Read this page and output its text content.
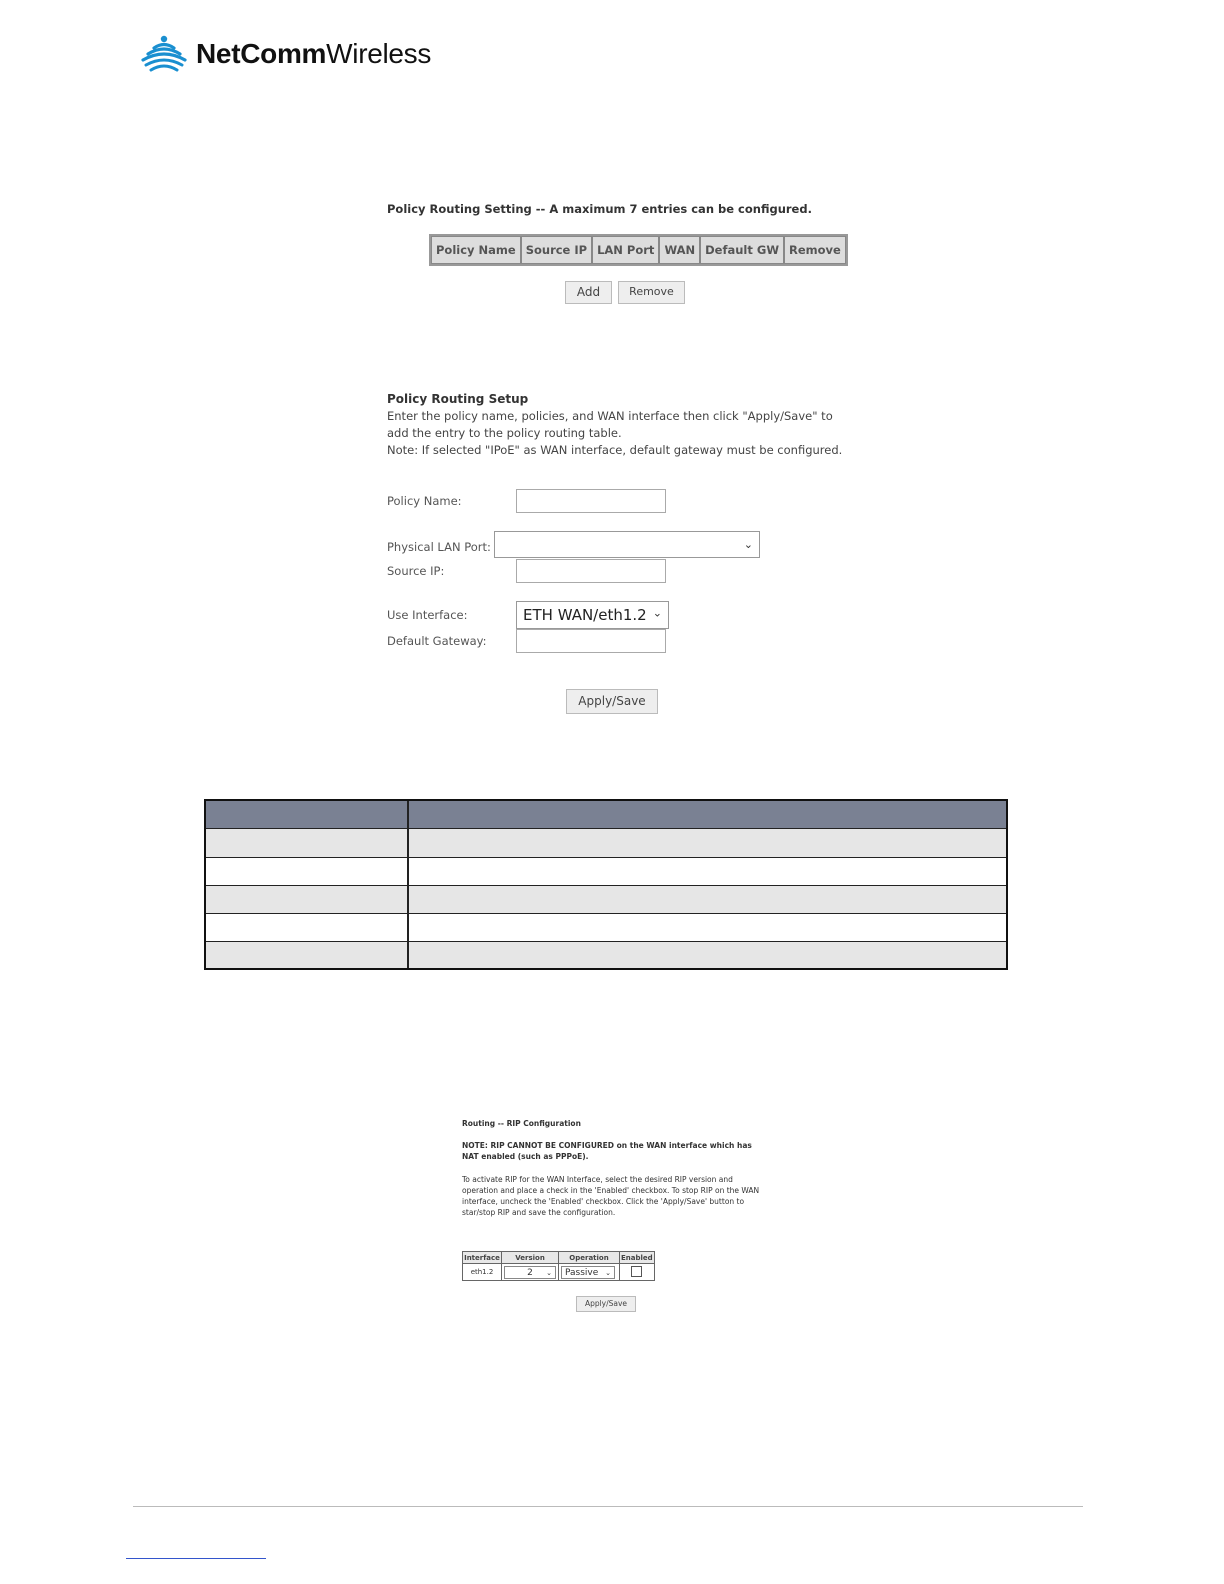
NetCommWireless
Policy Routing Setting -- A maximum 7 entries can be configured.
Policy Name	Source IP	LAN Port	WAN	Default GW	Remove
Add	Remove
Policy Routing Setup
Enter the policy name, policies, and WAN interface then click "Apply/Save" to
add the entry to the policy routing table.
Note: If selected "IPoE" as WAN interface, default gateway must be configured.
Policy Name:
Physical LAN Port:	⌄
Source IP:
Use Interface:	ETH WAN/eth1.2 ⌄
Default Gateway:
Apply/Save
Routing -- RIP Configuration
NOTE: RIP CANNOT BE CONFIGURED on the WAN interface which has
NAT enabled (such as PPPoE).
To activate RIP for the WAN Interface, select the desired RIP version and
operation and place a check in the 'Enabled' checkbox. To stop RIP on the WAN
interface, uncheck the 'Enabled' checkbox. Click the 'Apply/Save' button to
star/stop RIP and save the configuration.
Interface	Version	Operation	Enabled
eth1.2	2 ⌄	Passive ⌄	

Apply/Save
